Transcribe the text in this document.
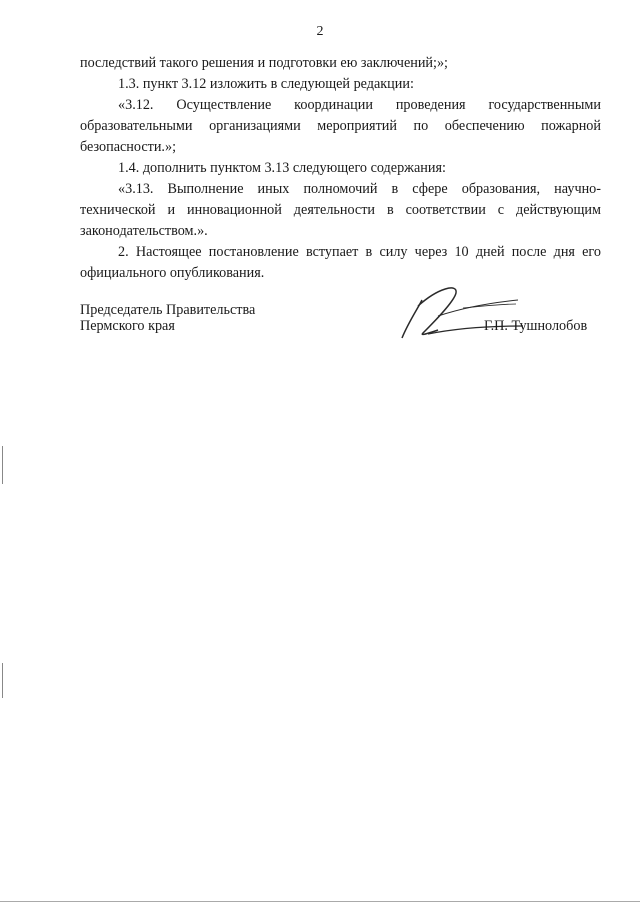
2

последствий такого решения и подготовки ею заключений;»;

1.3. пункт 3.12 изложить в следующей редакции:

«3.12. Осуществление координации проведения государственными образовательными организациями мероприятий по обеспечению пожарной безопасности.»;

1.4. дополнить пунктом 3.13 следующего содержания:

«3.13. Выполнение иных полномочий в сфере образования, научно-технической и инновационной деятельности в соответствии с действующим законодательством.».

2. Настоящее постановление вступает в силу через 10 дней после дня его официального опубликования.

Председатель Правительства
Пермского края	Г.П. Тушнолобов
